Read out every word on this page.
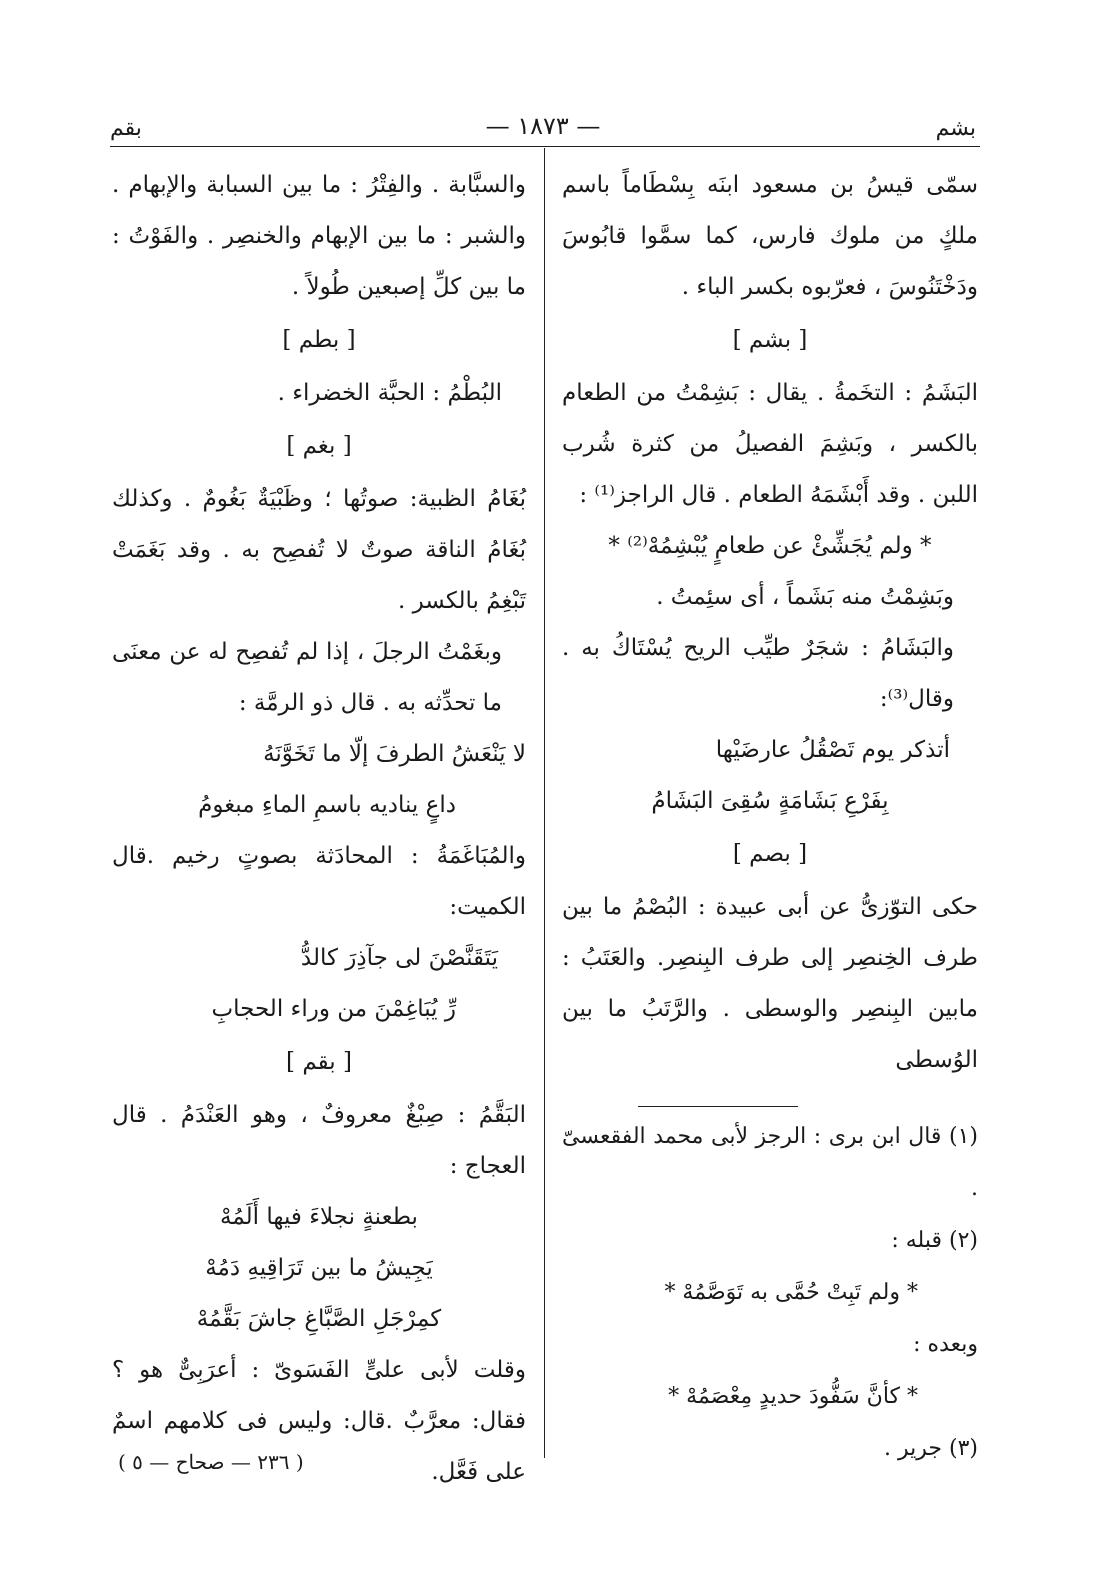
بشم
— ١٨٧٣ —
بقم

سمّى قيسُ بن مسعود ابنَه بِسْطَاماً باسم ملكٍ من ملوك فارس، كما سمَّوا قابُوسَ ودَخْتَنُوسَ ، فعرّبوه بكسر الباء .

[ بشم ]

البَشَمُ : التخَمةُ . يقال : بَشِمْتُ من الطعام بالكسر ، وبَشِمَ الفصيلُ من كثرة شُرب اللبن . وقد أَبْشَمَهُ الطعام . قال الراجز⁽¹⁾ :

* ولم يُجَشِّئْ عن طعامٍ يُبْشِمُهْ⁽²⁾ *

وبَشِمْتُ منه بَشَماً ، أى سئِمتُ .

والبَشَامُ : شجَرٌ طيِّب الريح يُسْتَاكُ به . وقال⁽³⁾:

أتذكر يوم تَصْقُلُ عارضَيْها

بِفَرْعِ بَشَامَةٍ سُقِىَ البَشَامُ

[ بصم ]

حكى التوّزىُّ عن أبى عبيدة : البُصْمُ ما بين طرف الخِنصِر إلى طرف البِنصِر. والعَتَبُ : مابين البِنصِر والوسطى . والرَّتَبُ ما بين الوُسطى

(١) قال ابن برى : الرجز لأبى محمد الفقعسىّ .

(٢) قبله :

* ولم تَبِتْ حُمَّى به تَوَصَّمُهْ *

وبعده :

* كأنَّ سَفُّودَ حديدٍ مِعْصَمُهْ *

(٣) جرير .

والسبَّابة . والفِتْرُ : ما بين السبابة والإبهام . والشبر : ما بين الإبهام والخنصِر . والفَوْتُ : ما بين كلِّ إصبعين طُولاً .

[ بطم ]

البُطْمُ : الحبَّة الخضراء .

[ بغم ]

بُغَامُ الظبية: صوتُها ؛ وظَبْيَةٌ بَغُومٌ . وكذلك بُغَامُ الناقة صوتٌ لا تُفصِح به . وقد بَغَمَتْ تَبْغِمُ بالكسر .

وبغَمْتُ الرجلَ ، إذا لم تُفصِح له عن معنَى ما تحدِّثه به . قال ذو الرمَّة :

لا يَنْعَشُ الطرفَ إلّا ما تَخَوَّنَهُ

داعٍ يناديه باسمِ الماءِ مبغومُ

والمُبَاغَمَةُ : المحادَثة بصوتٍ رخيم .قال الكميت:

يَتَقَنَّصْنَ لى جآذِرَ كالدُّ

رِّ يُبَاغِمْنَ من وراء الحجابِ

[ بقم ]

البَقَّمُ : صِبْغٌ معروفٌ ، وهو العَنْدَمُ . قال العجاج :

بطعنةٍ نجلاءَ فيها أَلَمُهْ

يَجِيشُ ما بين تَرَاقِيهِ دَمُهْ

كمِرْجَلِ الصَّبَّاغِ جاشَ بَقَّمُهْ

وقلت لأبى علىٍّ الفَسَوىّ : أعرَبِىٌّ هو ؟ فقال: معرَّبٌ .قال: وليس فى كلامهم اسمٌ على فَعَّل.

( ٢٣٦ — صحاح — ٥ )
